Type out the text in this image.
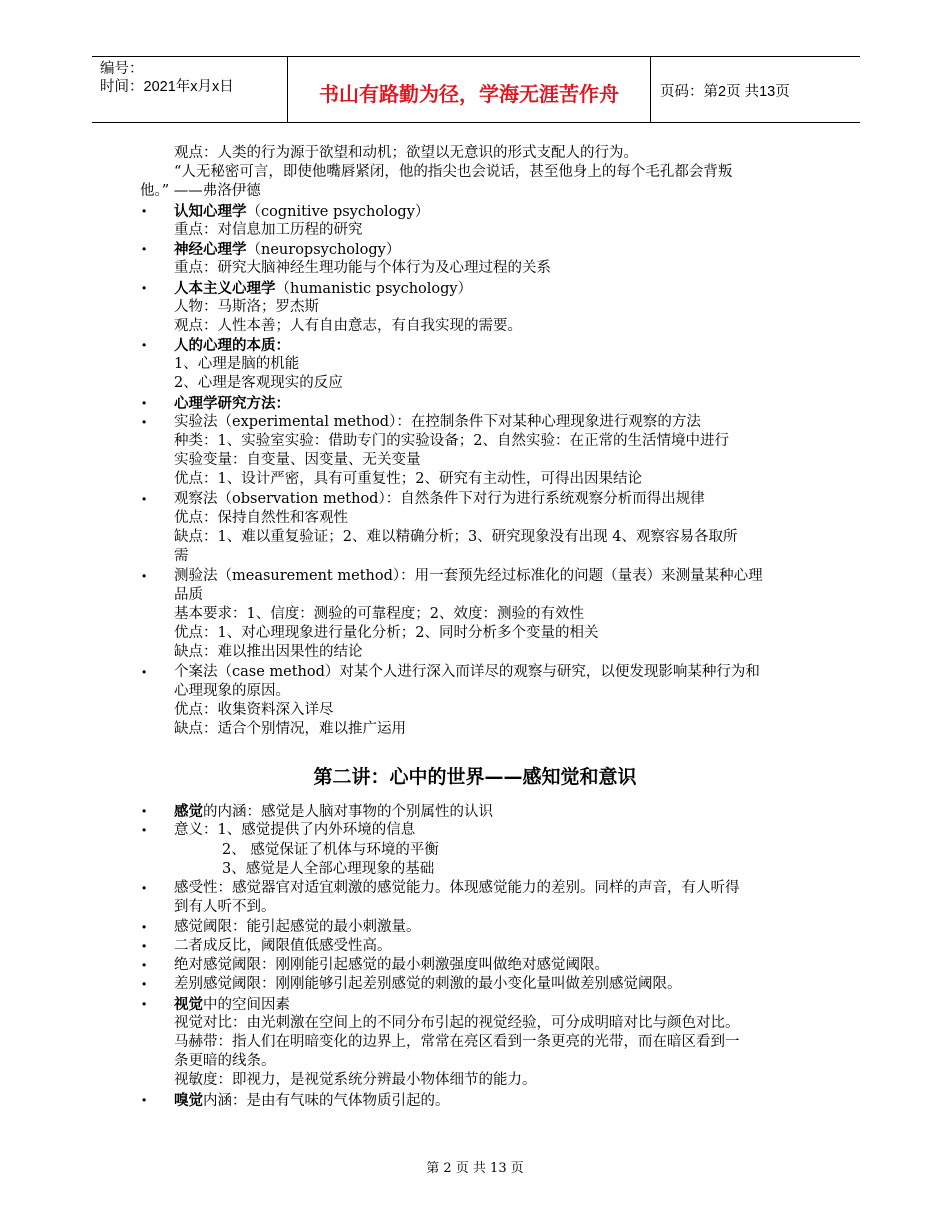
编号：
时间：2021年x月x日	书山有路勤为径，学海无涯苦作舟	页码：第2页 共13页
观点：人类的行为源于欲望和动机；欲望以无意识的形式支配人的行为。
“人无秘密可言，即使他嘴唇紧闭，他的指尖也会说话，甚至他身上的每个毛孔都会背叛
他。” ——弗洛伊德
• 认知心理学（cognitive psychology）
重点：对信息加工历程的研究
• 神经心理学（neuropsychology）
重点：研究大脑神经生理功能与个体行为及心理过程的关系
• 人本主义心理学（humanistic psychology）
人物：马斯洛；罗杰斯
观点：人性本善；人有自由意志，有自我实现的需要。
• 人的心理的本质：
1、心理是脑的机能
2、心理是客观现实的反应
• 心理学研究方法：
• 实验法（experimental method）：在控制条件下对某种心理现象进行观察的方法
种类：1、实验室实验：借助专门的实验设备；2、自然实验：在正常的生活情境中进行
实验变量：自变量、因变量、无关变量
优点：1、设计严密，具有可重复性；2、研究有主动性，可得出因果结论
• 观察法（observation method）：自然条件下对行为进行系统观察分析而得出规律
优点：保持自然性和客观性
缺点：1、难以重复验证；2、难以精确分析；3、研究现象没有出现 4、观察容易各取所
需
• 测验法（measurement method）：用一套预先经过标准化的问题（量表）来测量某种心理
品质
基本要求：1、信度：测验的可靠程度；2、效度：测验的有效性
优点：1、对心理现象进行量化分析；2、同时分析多个变量的相关
缺点：难以推出因果性的结论
• 个案法（case method）对某个人进行深入而详尽的观察与研究，以便发现影响某种行为和
心理现象的原因。
优点：收集资料深入详尽
缺点：适合个别情况，难以推广运用
第二讲：心中的世界——感知觉和意识
• 感觉的内涵：感觉是人脑对事物的个别属性的认识
• 意义：1、感觉提供了内外环境的信息
2、 感觉保证了机体与环境的平衡
3、感觉是人全部心理现象的基础
• 感受性：感觉器官对适宜刺激的感觉能力。体现感觉能力的差别。同样的声音，有人听得
到有人听不到。
• 感觉阈限：能引起感觉的最小刺激量。
• 二者成反比，阈限值低感受性高。
• 绝对感觉阈限：刚刚能引起感觉的最小刺激强度叫做绝对感觉阈限。
• 差别感觉阈限：刚刚能够引起差别感觉的刺激的最小变化量叫做差别感觉阈限。
• 视觉中的空间因素
视觉对比：由光刺激在空间上的不同分布引起的视觉经验，可分成明暗对比与颜色对比。
马赫带：指人们在明暗变化的边界上，常常在亮区看到一条更亮的光带，而在暗区看到一
条更暗的线条。
视敏度：即视力，是视觉系统分辨最小物体细节的能力。
• 嗅觉内涵：是由有气味的气体物质引起的。
第 2 页 共 13 页
